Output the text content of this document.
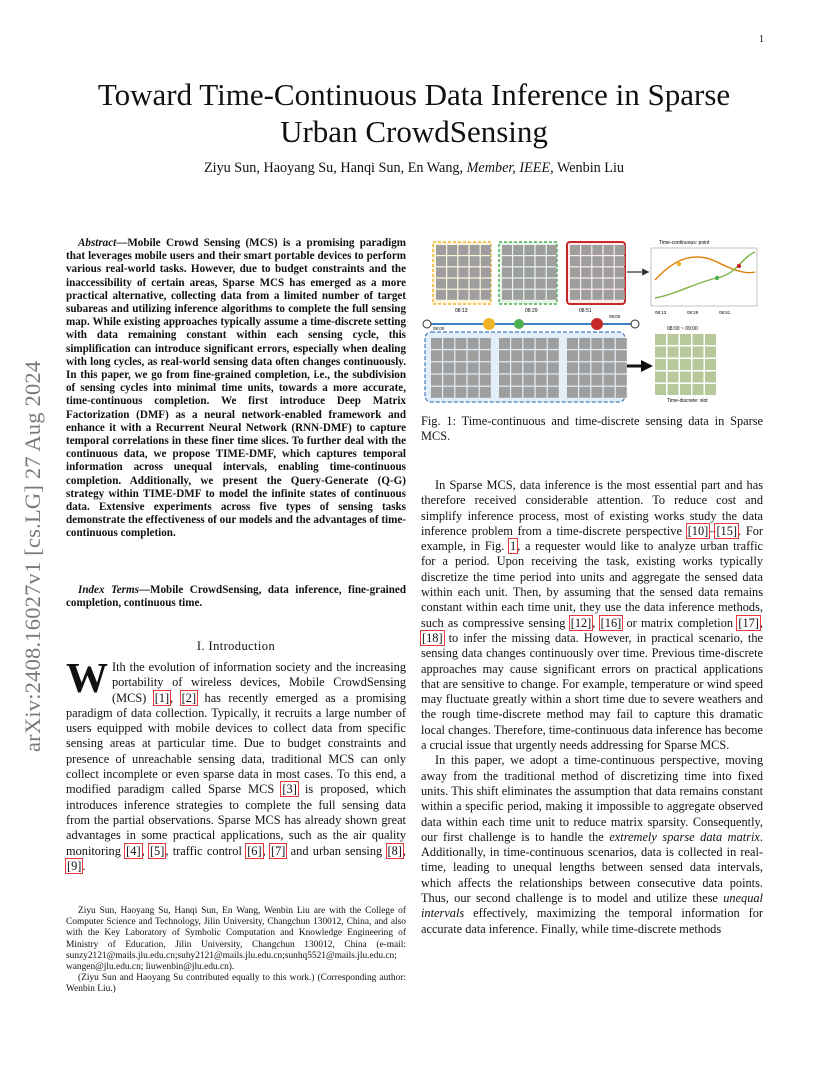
1
arXiv:2408.16027v1 [cs.LG] 27 Aug 2024
Toward Time-Continuous Data Inference in Sparse Urban CrowdSensing
Ziyu Sun, Haoyang Su, Hanqi Sun, En Wang, Member, IEEE, Wenbin Liu

Abstract—Mobile Crowd Sensing (MCS) is a promising paradigm that leverages mobile users and their smart portable devices to perform various real-world tasks. However, due to budget constraints and the inaccessibility of certain areas, Sparse MCS has emerged as a more practical alternative, collecting data from a limited number of target subareas and utilizing inference algorithms to complete the full sensing map. While existing approaches typically assume a time-discrete setting with data remaining constant within each sensing cycle, this simplification can introduce significant errors, especially when dealing with long cycles, as real-world sensing data often changes continuously. In this paper, we go from fine-grained completion, i.e., the subdivision of sensing cycles into minimal time units, towards a more accurate, time-continuous completion. We first introduce Deep Matrix Factorization (DMF) as a neural network-enabled framework and enhance it with a Recurrent Neural Network (RNN-DMF) to capture temporal correlations in these finer time slices. To further deal with the continuous data, we propose TIME-DMF, which captures temporal information across unequal intervals, enabling time-continuous completion. Additionally, we present the Query-Generate (Q-G) strategy within TIME-DMF to model the infinite states of continuous data. Extensive experiments across five types of sensing tasks demonstrate the effectiveness of our models and the advantages of time-continuous completion.

Index Terms—Mobile CrowdSensing, data inference, fine-grained completion, continuous time.

I. Introduction

W Ith the evolution of information society and the increasing portability of wireless devices, Mobile CrowdSensing (MCS) [1], [2] has recently emerged as a promising paradigm of data collection. Typically, it recruits a large number of users equipped with mobile devices to collect data from specific sensing areas at particular time. Due to budget constraints and presence of unreachable sensing data, traditional MCS can only collect incomplete or even sparse data in most cases. To this end, a modified paradigm called Sparse MCS [3] is proposed, which introduces inference strategies to complete the full sensing data from the partial observations. Sparse MCS has already shown great advantages in some practical applications, such as the air quality monitoring [4], [5], traffic control [6], [7] and urban sensing [8], [9].

Ziyu Sun, Haoyang Su, Hanqi Sun, En Wang, Wenbin Liu are with the College of Computer Science and Technology, Jilin University, Changchun 130012, China, and also with the Key Laboratory of Symbolic Computation and Knowledge Engineering of Ministry of Education, Jilin University, Changchun 130012, China (e-mail: sunzy2121@mails.jlu.edu.cn;suhy2121@mails.jlu.edu.cn;sunhq5521@mails.jlu.edu.cn; wangen@jlu.edu.cn; liuwenbin@jlu.edu.cn).

(Ziyu Sun and Haoyang Su contributed equally to this work.) (Corresponding author: Wenbin Liu.)

08:13	08:29	08:51
08:00
09:00
Time-continuous: point
08:13	08:29	08:51
08:00 ~ 09:00
Time-discrete: slot

Fig. 1: Time-continuous and time-discrete sensing data in Sparse MCS.

In Sparse MCS, data inference is the most essential part and has therefore received considerable attention. To reduce cost and simplify inference process, most of existing works study the data inference problem from a time-discrete perspective [10]–[15]. For example, in Fig. 1, a requester would like to analyze urban traffic for a period. Upon receiving the task, existing works typically discretize the time period into units and aggregate the sensed data within each unit. Then, by assuming that the sensed data remains constant within each time unit, they use the data inference methods, such as compressive sensing [12], [16] or matrix completion [17], [18] to infer the missing data. However, in practical scenario, the sensing data changes continuously over time. Previous time-discrete approaches may cause significant errors on practical applications that are sensitive to change. For example, temperature or wind speed may fluctuate greatly within a short time due to severe weathers and the rough time-discrete method may fail to capture this dramatic local changes. Therefore, time-continuous data inference has become a crucial issue that urgently needs addressing for Sparse MCS.

In this paper, we adopt a time-continuous perspective, moving away from the traditional method of discretizing time into fixed units. This shift eliminates the assumption that data remains constant within a specific period, making it impossible to aggregate observed data within each time unit to reduce matrix sparsity. Consequently, our first challenge is to handle the extremely sparse data matrix. Additionally, in time-continuous scenarios, data is collected in real-time, leading to unequal lengths between sensed data intervals, which affects the relationships between consecutive data points. Thus, our second challenge is to model and utilize these unequal intervals effectively, maximizing the temporal information for accurate data inference. Finally, while time-discrete methods
